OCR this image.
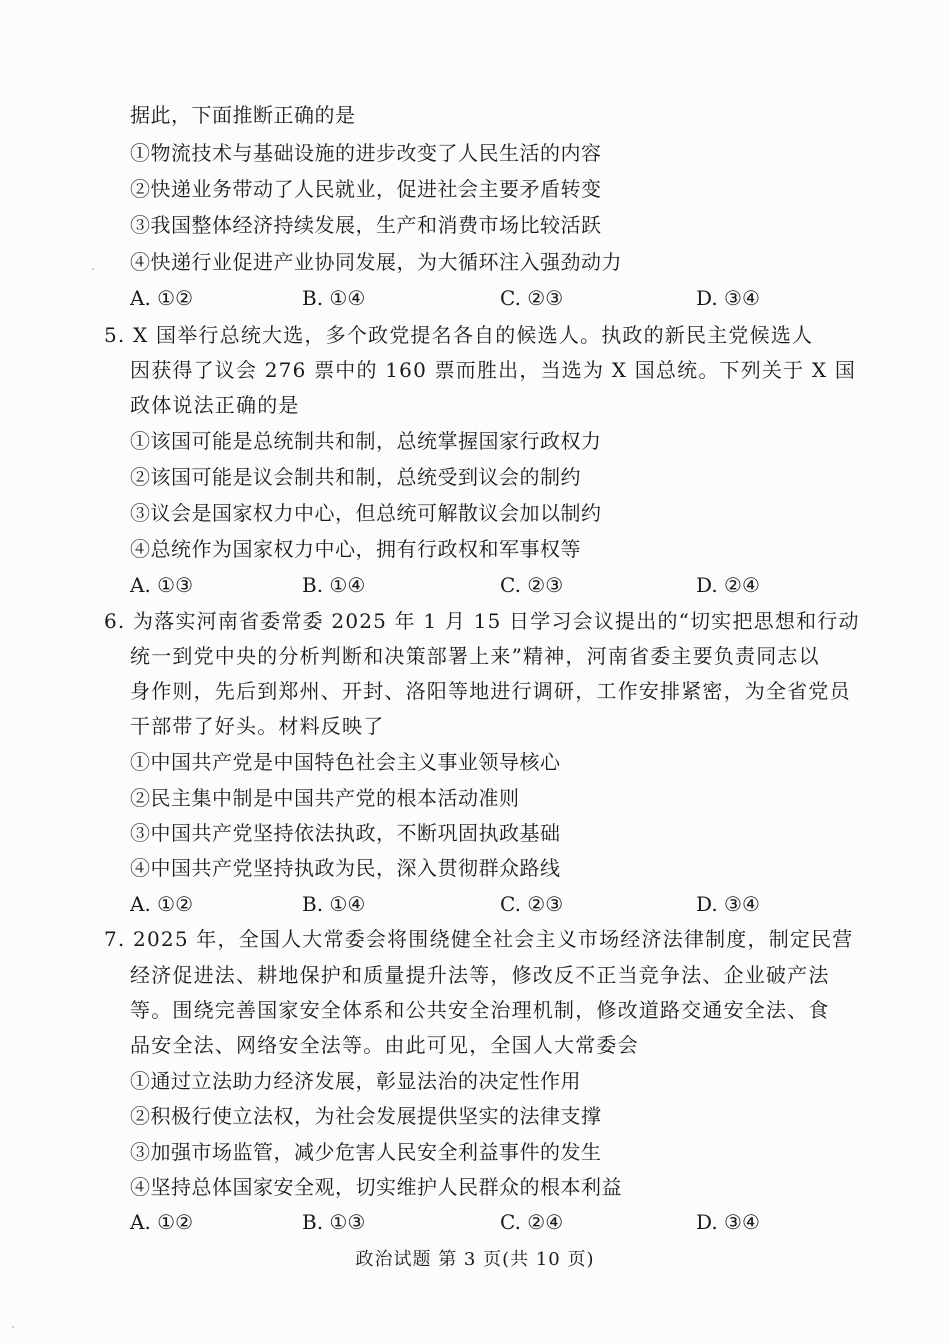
据此，下面推断正确的是
①物流技术与基础设施的进步改变了人民生活的内容
②快递业务带动了人民就业，促进社会主要矛盾转变
③我国整体经济持续发展，生产和消费市场比较活跃
④快递行业促进产业协同发展，为大循环注入强劲动力
A. ①②	B. ①④	C. ②③	D. ③④
5. X 国举行总统大选，多个政党提名各自的候选人。执政的新民主党候选人
因获得了议会 276 票中的 160 票而胜出，当选为 X 国总统。下列关于 X 国
政体说法正确的是
①该国可能是总统制共和制，总统掌握国家行政权力
②该国可能是议会制共和制，总统受到议会的制约
③议会是国家权力中心，但总统可解散议会加以制约
④总统作为国家权力中心，拥有行政权和军事权等
A. ①③	B. ①④	C. ②③	D. ②④
6. 为落实河南省委常委 2025 年 1 月 15 日学习会议提出的“切实把思想和行动
统一到党中央的分析判断和决策部署上来”精神，河南省委主要负责同志以
身作则，先后到郑州、开封、洛阳等地进行调研，工作安排紧密，为全省党员
干部带了好头。材料反映了
①中国共产党是中国特色社会主义事业领导核心
②民主集中制是中国共产党的根本活动准则
③中国共产党坚持依法执政，不断巩固执政基础
④中国共产党坚持执政为民，深入贯彻群众路线
A. ①②	B. ①④	C. ②③	D. ③④
7. 2025 年，全国人大常委会将围绕健全社会主义市场经济法律制度，制定民营
经济促进法、耕地保护和质量提升法等，修改反不正当竞争法、企业破产法
等。围绕完善国家安全体系和公共安全治理机制，修改道路交通安全法、食
品安全法、网络安全法等。由此可见，全国人大常委会
①通过立法助力经济发展，彰显法治的决定性作用
②积极行使立法权，为社会发展提供坚实的法律支撑
③加强市场监管，减少危害人民安全利益事件的发生
④坚持总体国家安全观，切实维护人民群众的根本利益
A. ①②	B. ①③	C. ②④	D. ③④
政治试题 第 3 页(共 10 页)
